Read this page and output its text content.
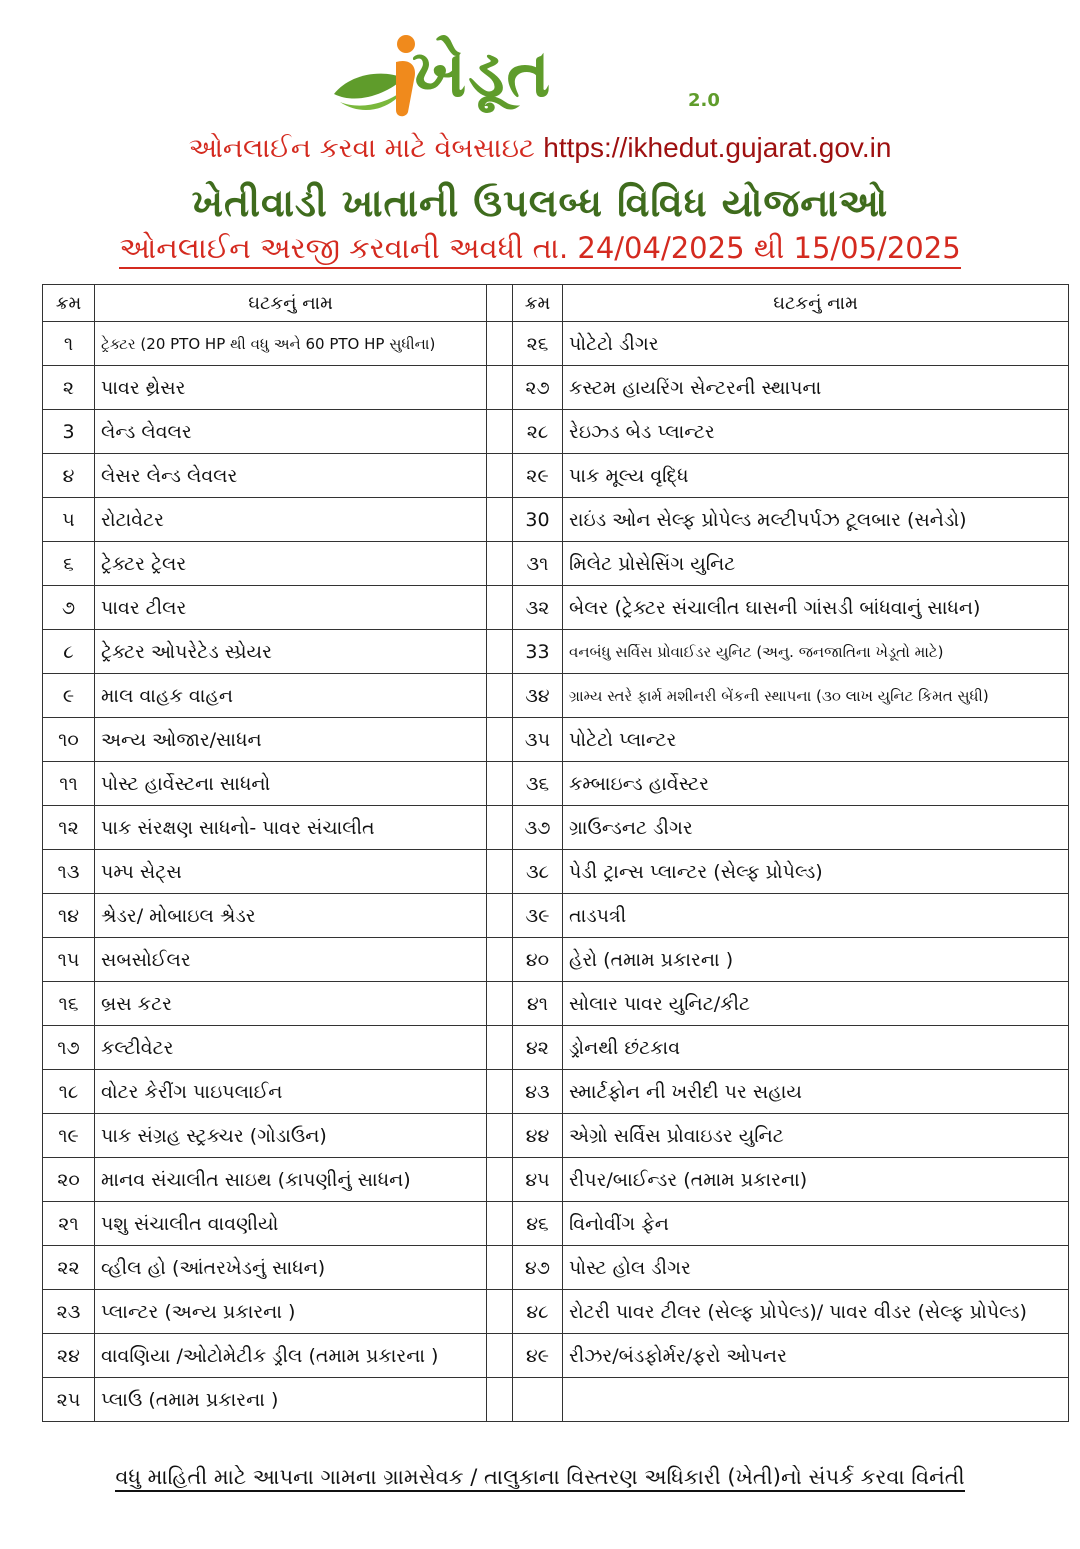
ખેડૂત	2.0
ઓનલાઈન કરવા માટે વેબસાઇટ https://ikhedut.gujarat.gov.in
ખેતીવાડી ખાતાની ઉપલબ્ધ વિવિધ યોજનાઓ
ઓનલાઈન અરજી કરવાની અવધી તા. 24/04/2025 થી 15/05/2025
ક્રમ	ઘટકનું નામ		ક્રમ	ઘટકનું નામ
૧	ટ્રેક્ટર (20 PTO HP થી વધુ અને 60 PTO HP સુધીના)		૨૬	પોટેટો ડીગર
૨	પાવર થ્રેસર		૨૭	કસ્ટમ હાયરિંગ સેન્ટરની સ્થાપના
3	લેન્ડ લેવલર		૨૮	રેઇઝ્ડ બેડ પ્લાન્ટર
૪	લેસર લેન્ડ લેવલર		૨૯	પાક મૂલ્ય વૃદ્ધિ
૫	રોટાવેટર		30	રાઇંડ ઓન સેલ્ફ પ્રોપેલ્ડ મલ્ટીપર્પઝ ટૂલબાર (સનેડો)
૬	ટ્રેક્ટર ટ્રેલર		૩૧	મિલેટ પ્રોસેસિંગ યુનિટ
૭	પાવર ટીલર		૩૨	બેલર (ટ્રેક્ટર સંચાલીત ઘાસની ગાંસડી બાંધવાનું સાધન)
૮	ટ્રેક્ટર ઓપરેટેડ સ્પ્રેયર		33	વનબંધુ સર્વિસ પ્રોવાઈડર યુનિટ (અનુ. જનજાતિના ખેડૂતો માટે)
૯	માલ વાહક વાહન		૩૪	ગ્રામ્ય સ્તરે ફાર્મ મશીનરી બેંકની સ્થાપના (૩૦ લાખ યુનિટ કિમત સુધી)
૧૦	અન્ય ઓજાર/સાધન		૩૫	પોટેટો પ્લાન્ટર
૧૧	પોસ્ટ હાર્વેસ્ટના સાધનો		૩૬	કમ્બાઇન્ડ હાર્વેસ્ટર
૧૨	પાક સંરક્ષણ સાધનો- પાવર સંચાલીત		૩૭	ગ્રાઉન્ડનટ ડીગર
૧૩	પમ્પ સેટ્સ		૩૮	પેડી ટ્રાન્સ પ્લાન્ટર (સેલ્ફ પ્રોપેલ્ડ)
૧૪	શ્રેડર/ મોબાઇલ શ્રેડર		૩૯	તાડપત્રી
૧૫	સબસોઈલર		૪૦	હેરો (તમામ પ્રકારના )
૧૬	બ્રસ કટર		૪૧	સોલાર પાવર યુનિટ/કીટ
૧૭	કલ્ટીવેટર		૪૨	ડ્રોનથી છંટકાવ
૧૮	વોટર કેરીંગ પાઇપલાઈન		૪૩	સ્માર્ટફોન ની ખરીદી પર સહાય
૧૯	પાક સંગ્રહ સ્ટ્રક્ચર (ગોડાઉન)		૪૪	એગ્રો સર્વિસ પ્રોવાઇડર યુનિટ
૨૦	માનવ સંચાલીત સાઇથ (કાપણીનું સાધન)		૪૫	રીપર/બાઈન્ડર (તમામ પ્રકારના)
૨૧	પશુ સંચાલીત વાવણીયો		૪૬	વિનોવીંગ ફેન
૨૨	વ્હીલ હો (આંતરખેડનું સાધન)		૪૭	પોસ્ટ હોલ ડીગર
૨૩	પ્લાન્ટર (અન્ય પ્રકારના )		૪૮	રોટરી પાવર ટીલર (સેલ્ફ પ્રોપેલ્ડ)/ પાવર વીડર (સેલ્ફ પ્રોપેલ્ડ)
૨૪	વાવણિયા /ઓટોમેટીક ડ્રીલ (તમામ પ્રકારના )		૪૯	રીઝર/બંડફોર્મર/ફરો ઓપનર
૨૫	પ્લાઉ (તમામ પ્રકારના )			
વધુ માહિતી માટે આપના ગામના ગ્રામસેવક / તાલુકાના વિસ્તરણ અધિકારી (ખેતી)નો સંપર્ક કરવા વિનંતી
